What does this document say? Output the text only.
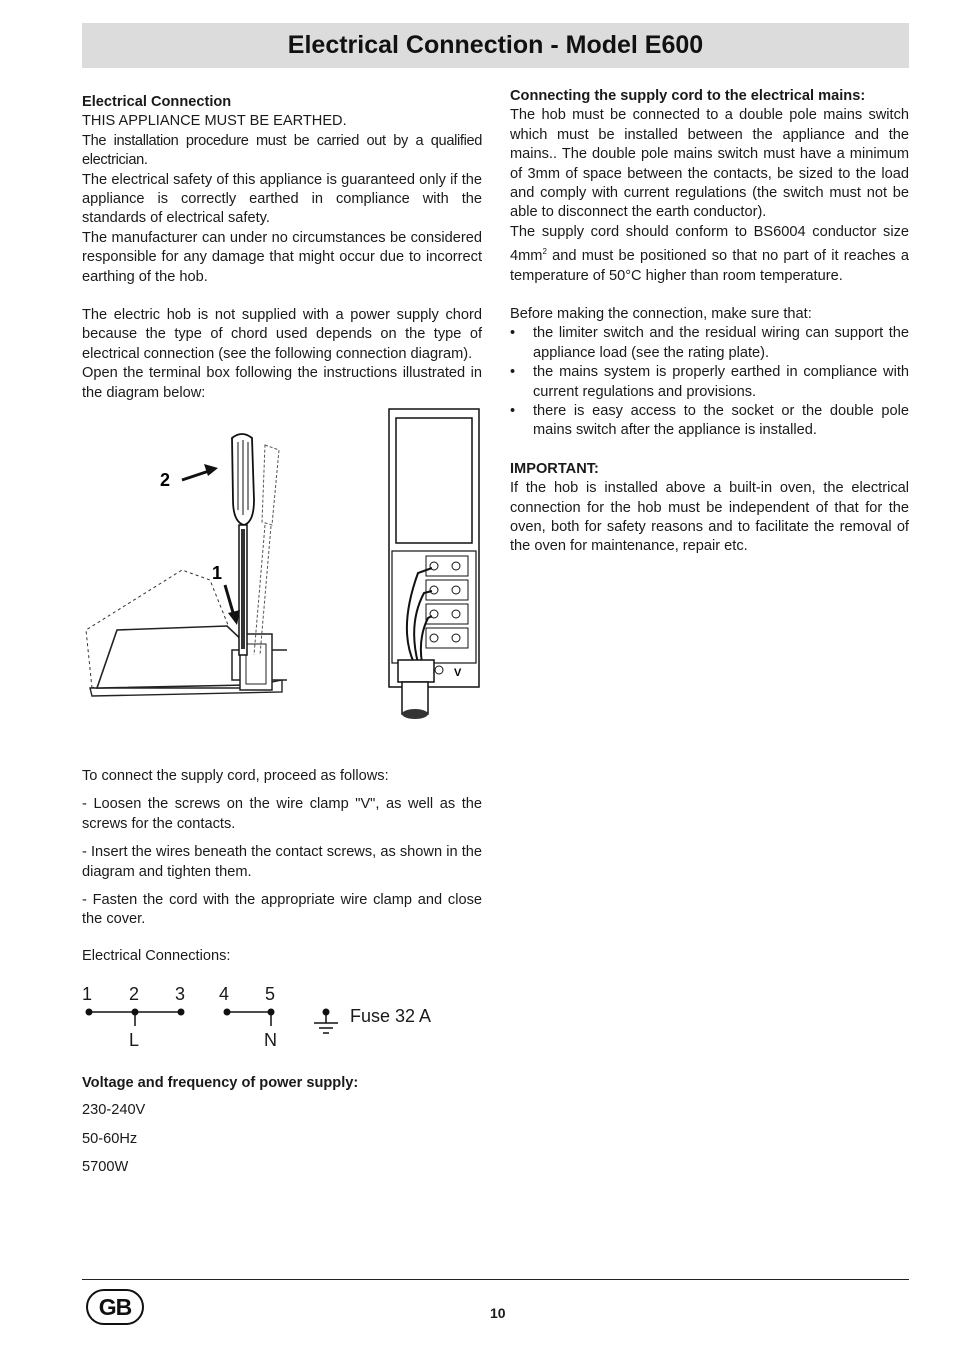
Electrical Connection - Model E600

Electrical Connection

THIS APPLIANCE MUST BE EARTHED.

The installation procedure must be carried out by a qualified electrician.

The electrical safety of this appliance is guaranteed only if the appliance is correctly earthed in compliance with the standards of electrical safety.

The manufacturer can under no circumstances be considered responsible for any damage that might occur due to incorrect earthing of the hob.

The electric hob is not supplied with a power supply chord because the type of chord used depends on the type of electrical connection (see the following connection diagram).

Open the terminal box following the instructions illustrated in the diagram below:

2
1
V

To connect the supply cord, proceed as follows:

- Loosen the screws on the wire clamp "V", as well as the screws for the contacts.

- Insert the wires beneath the contact screws, as shown in the diagram and tighten them.

- Fasten the cord with the appropriate wire clamp and close the cover.

Electrical Connections:
1 2 3 4 5
L	N
Fuse 32 A
Voltage and frequency of power supply:
230-240V
50-60Hz
5700W

Connecting the supply cord to the electrical mains:

The hob must be connected to a double pole mains switch which must be installed between the appliance and the mains.. The double pole mains switch must have a minimum of 3mm of space between the contacts, be sized to the load and comply with current regulations (the switch must not be able to disconnect the earth conductor).

The supply cord should conform to BS6004 conductor size $4mm^2$ and must be positioned so that no part of it reaches a temperature of 50°C higher than room temperature.

Before making the connection, make sure that:

• the limiter switch and the residual wiring can support the appliance load (see the rating plate).
• the mains system is properly earthed in compliance with current regulations and provisions.
• there is easy access to the socket or the double pole mains switch after the appliance is installed.

IMPORTANT:

If the hob is installed above a built-in oven, the electrical connection for the hob must be independent of that for the oven, both for safety reasons and to facilitate the removal of the oven for maintenance, repair etc.

GB	10
